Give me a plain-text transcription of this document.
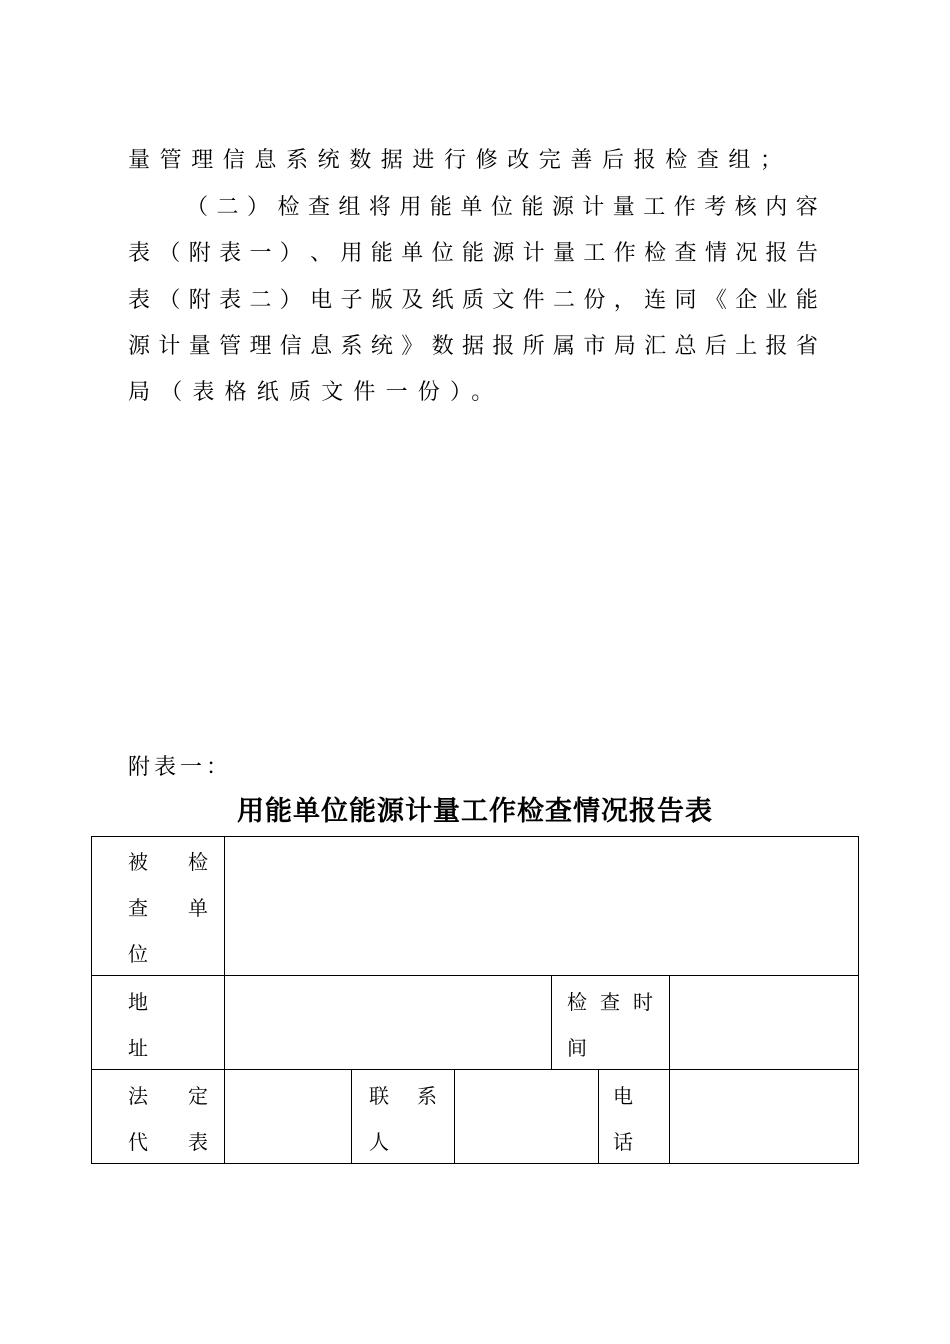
量管理信息系统数据进行修改完善后报检查组；
（ 二 ） 检 查 组 将 用 能 单 位 能 源 计 量 工 作 考 核 内 容
表 （ 附 表 一 ） 、 用 能 单 位 能 源 计 量 工 作 检 查 情 况 报 告
表 （ 附 表 二 ） 电 子 版 及 纸 质 文 件 二 份 ， 连 同 《 企 业 能
源 计 量 管 理 信 息 系 统 》 数 据 报 所 属 市 局 汇 总 后 上 报 省
局（表格纸质文件一份）。
附表一：
用能单位能源计量工作检查情况报告表
被 检
查 单
位
地
址
检 查 时
间
法 定
代 表
联 系
人
电
话
